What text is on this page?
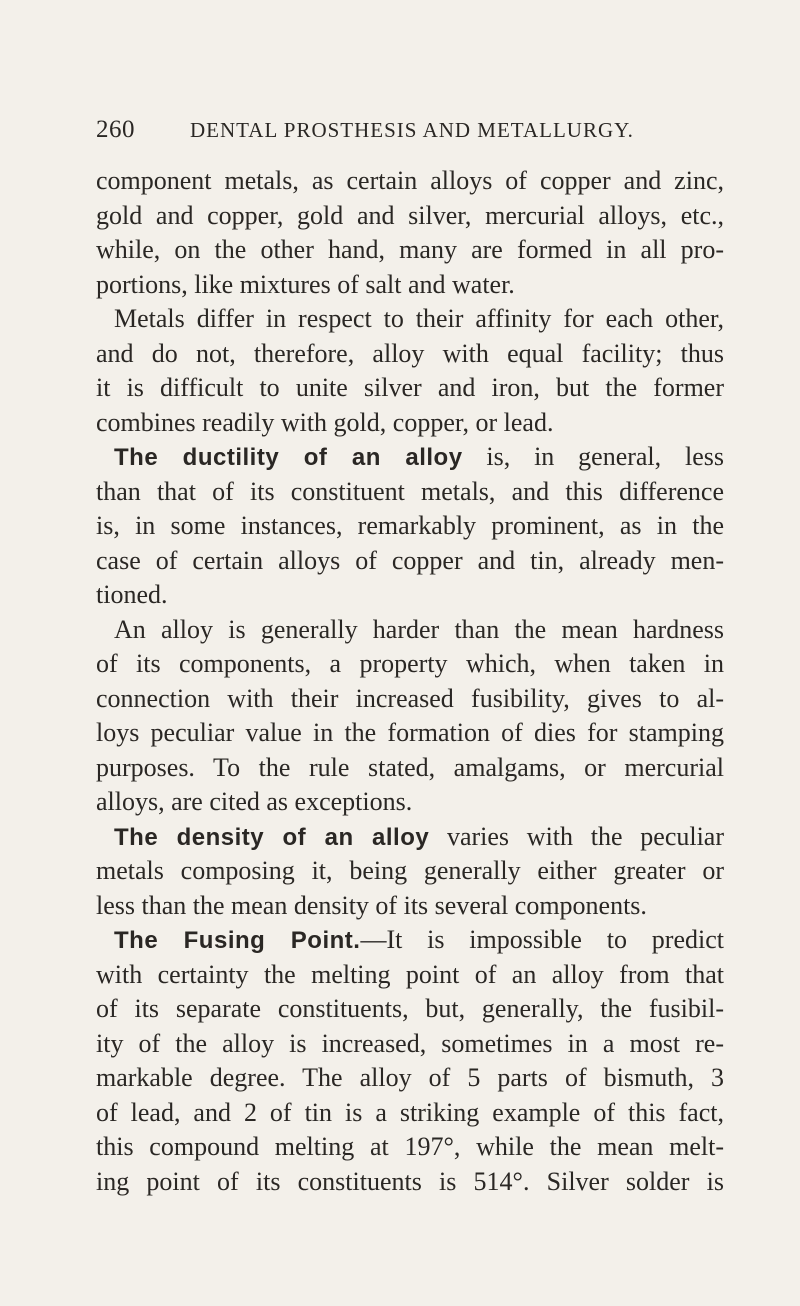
260	DENTAL PROSTHESIS AND METALLURGY.
component metals, as certain alloys of copper and zinc,
gold and copper, gold and silver, mercurial alloys, etc.,
while, on the other hand, many are formed in all pro-
portions, like mixtures of salt and water.
Metals differ in respect to their affinity for each other,
and do not, therefore, alloy with equal facility; thus
it is difficult to unite silver and iron, but the former
combines readily with gold, copper, or lead.
The ductility of an alloy is, in general, less
than that of its constituent metals, and this difference
is, in some instances, remarkably prominent, as in the
case of certain alloys of copper and tin, already men-
tioned.
An alloy is generally harder than the mean hardness
of its components, a property which, when taken in
connection with their increased fusibility, gives to al-
loys peculiar value in the formation of dies for stamping
purposes. To the rule stated, amalgams, or mercurial
alloys, are cited as exceptions.
The density of an alloy varies with the peculiar
metals composing it, being generally either greater or
less than the mean density of its several components.
The Fusing Point.—It is impossible to predict
with certainty the melting point of an alloy from that
of its separate constituents, but, generally, the fusibil-
ity of the alloy is increased, sometimes in a most re-
markable degree. The alloy of 5 parts of bismuth, 3
of lead, and 2 of tin is a striking example of this fact,
this compound melting at 197°, while the mean melt-
ing point of its constituents is 514°. Silver solder is
